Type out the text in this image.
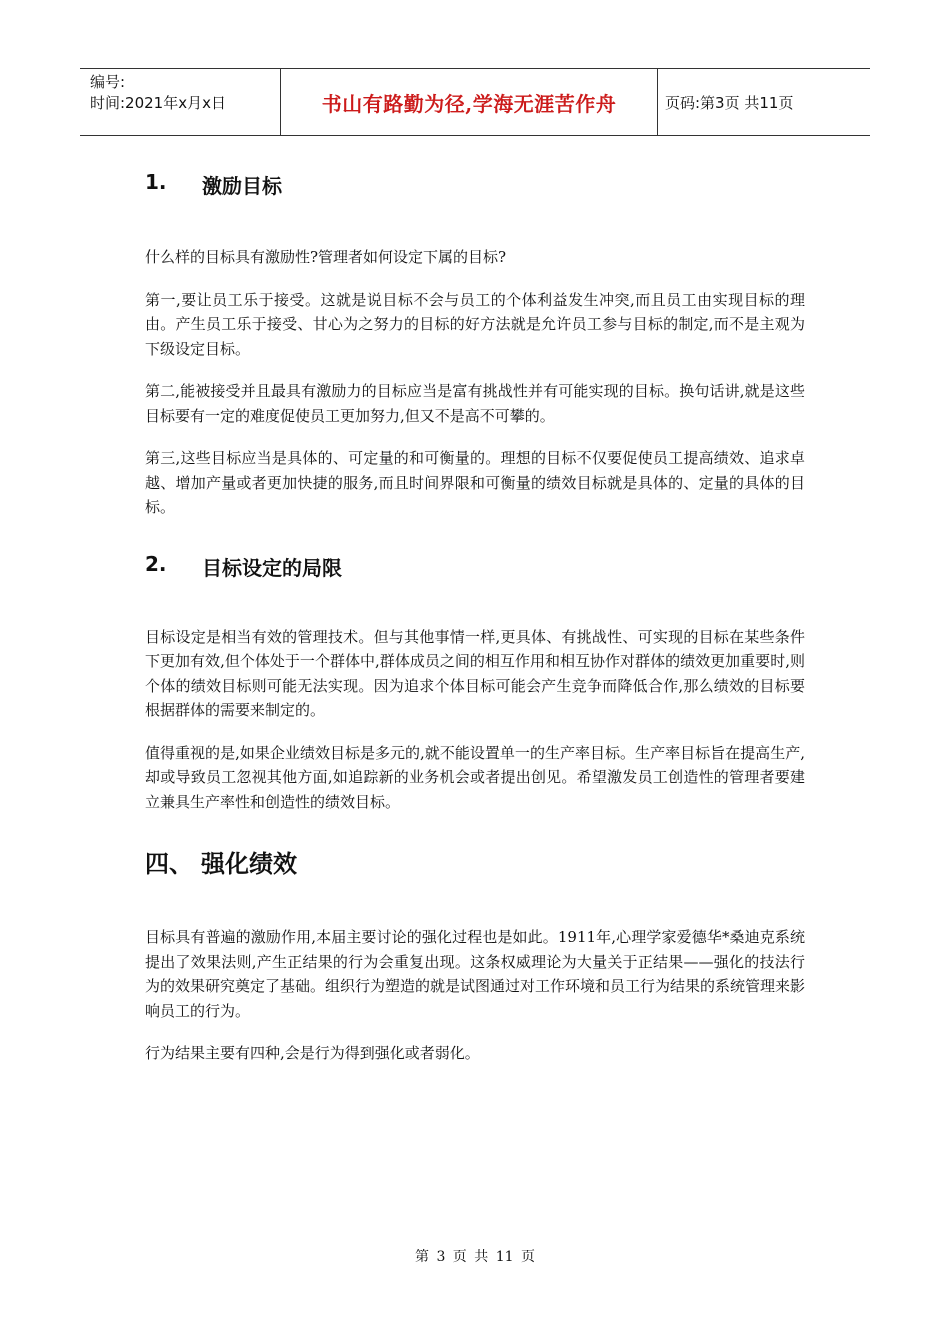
编号:
时间:2021年x月x日	书山有路勤为径,学海无涯苦作舟	页码:第3页 共11页
1.	激励目标

什么样的目标具有激励性?管理者如何设定下属的目标?

第一,要让员工乐于接受。这就是说目标不会与员工的个体利益发生冲突,而且员工由实现目标的理由。产生员工乐于接受、甘心为之努力的目标的好方法就是允许员工参与目标的制定,而不是主观为下级设定目标。

第二,能被接受并且最具有激励力的目标应当是富有挑战性并有可能实现的目标。换句话讲,就是这些目标要有一定的难度促使员工更加努力,但又不是高不可攀的。

第三,这些目标应当是具体的、可定量的和可衡量的。理想的目标不仅要促使员工提高绩效、追求卓越、增加产量或者更加快捷的服务,而且时间界限和可衡量的绩效目标就是具体的、定量的具体的目标。

2.	目标设定的局限

目标设定是相当有效的管理技术。但与其他事情一样,更具体、有挑战性、可实现的目标在某些条件下更加有效,但个体处于一个群体中,群体成员之间的相互作用和相互协作对群体的绩效更加重要时,则个体的绩效目标则可能无法实现。因为追求个体目标可能会产生竞争而降低合作,那么绩效的目标要根据群体的需要来制定的。

值得重视的是,如果企业绩效目标是多元的,就不能设置单一的生产率目标。生产率目标旨在提高生产,却或导致员工忽视其他方面,如追踪新的业务机会或者提出创见。希望激发员工创造性的管理者要建立兼具生产率性和创造性的绩效目标。

四、 强化绩效

目标具有普遍的激励作用,本届主要讨论的强化过程也是如此。1911年,心理学家爱德华*桑迪克系统提出了效果法则,产生正结果的行为会重复出现。这条权威理论为大量关于正结果——强化的技法行为的效果研究奠定了基础。组织行为塑造的就是试图通过对工作环境和员工行为结果的系统管理来影响员工的行为。

行为结果主要有四种,会是行为得到强化或者弱化。

第 3 页 共 11 页
